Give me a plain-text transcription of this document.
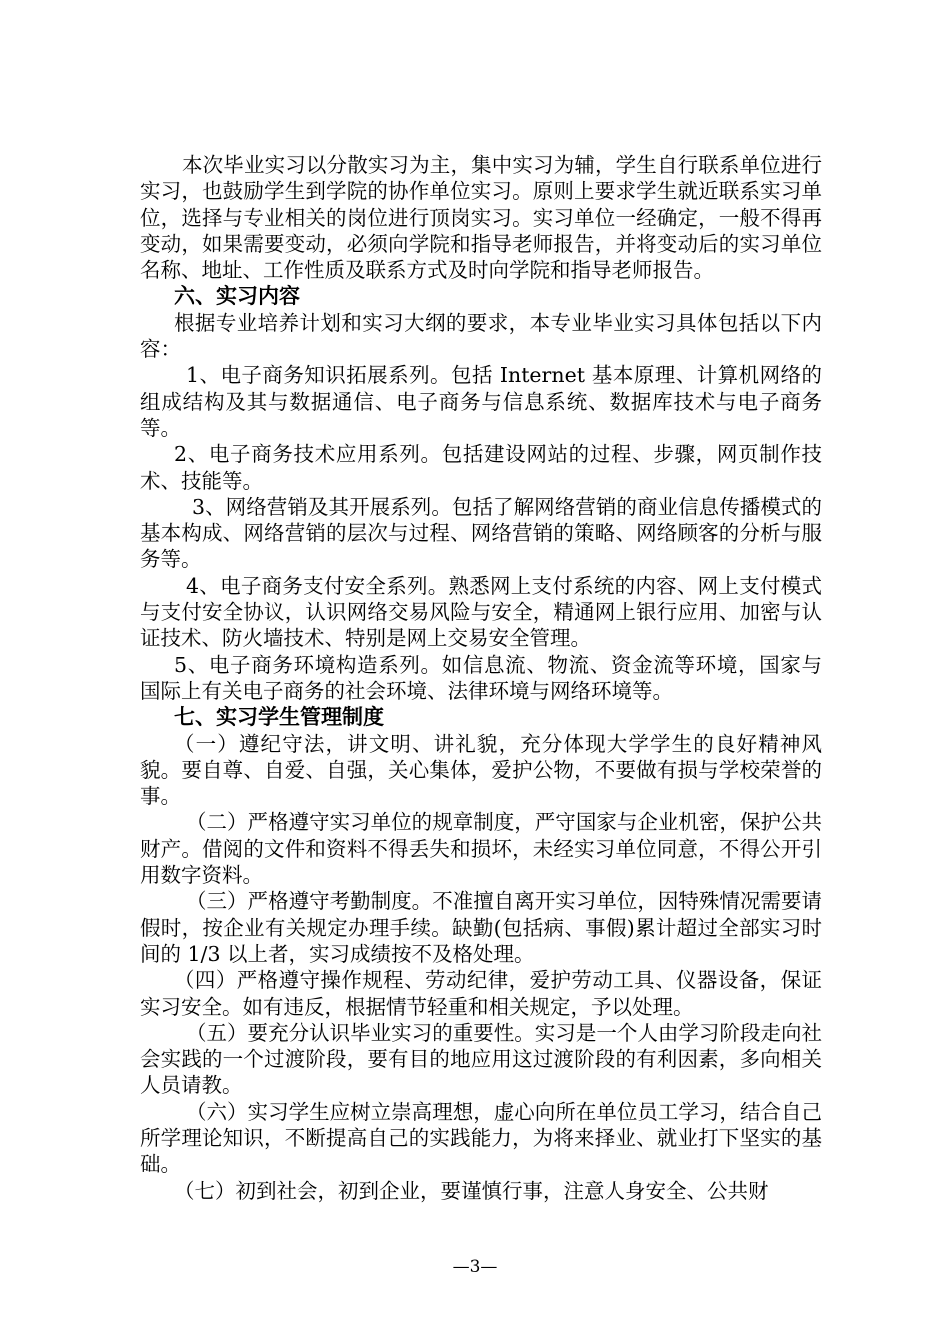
本次毕业实习以分散实习为主，集中实习为辅，学生自行联系单位进行实习，也鼓励学生到学院的协作单位实习。原则上要求学生就近联系实习单位，选择与专业相关的岗位进行顶岗实习。实习单位一经确定，一般不得再变动，如果需要变动，必须向学院和指导老师报告，并将变动后的实习单位名称、地址、工作性质及联系方式及时向学院和指导老师报告。

六、实习内容

根据专业培养计划和实习大纲的要求，本专业毕业实习具体包括以下内容：

1、电子商务知识拓展系列。包括 Internet 基本原理、计算机网络的组成结构及其与数据通信、电子商务与信息系统、数据库技术与电子商务等。

2、电子商务技术应用系列。包括建设网站的过程、步骤，网页制作技术、技能等。

3、网络营销及其开展系列。包括了解网络营销的商业信息传播模式的基本构成、网络营销的层次与过程、网络营销的策略、网络顾客的分析与服务等。

4、电子商务支付安全系列。熟悉网上支付系统的内容、网上支付模式与支付安全协议，认识网络交易风险与安全，精通网上银行应用、加密与认证技术、防火墙技术、特别是网上交易安全管理。

5、电子商务环境构造系列。如信息流、物流、资金流等环境，国家与国际上有关电子商务的社会环境、法律环境与网络环境等。

七、实习学生管理制度

（一）遵纪守法，讲文明、讲礼貌，充分体现大学学生的良好精神风貌。要自尊、自爱、自强，关心集体，爱护公物，不要做有损与学校荣誉的事。

（二）严格遵守实习单位的规章制度，严守国家与企业机密，保护公共财产。借阅的文件和资料不得丢失和损坏，未经实习单位同意，不得公开引用数字资料。

（三）严格遵守考勤制度。不准擅自离开实习单位，因特殊情况需要请假时，按企业有关规定办理手续。缺勤(包括病、事假)累计超过全部实习时间的 1/3 以上者，实习成绩按不及格处理。

（四）严格遵守操作规程、劳动纪律，爱护劳动工具、仪器设备，保证实习安全。如有违反，根据情节轻重和相关规定，予以处理。

（五）要充分认识毕业实习的重要性。实习是一个人由学习阶段走向社会实践的一个过渡阶段，要有目的地应用这过渡阶段的有利因素，多向相关人员请教。

（六）实习学生应树立崇高理想，虚心向所在单位员工学习，结合自己所学理论知识，不断提高自己的实践能力，为将来择业、就业打下坚实的基础。

（七）初到社会，初到企业，要谨慎行事，注意人身安全、公共财

—3—
